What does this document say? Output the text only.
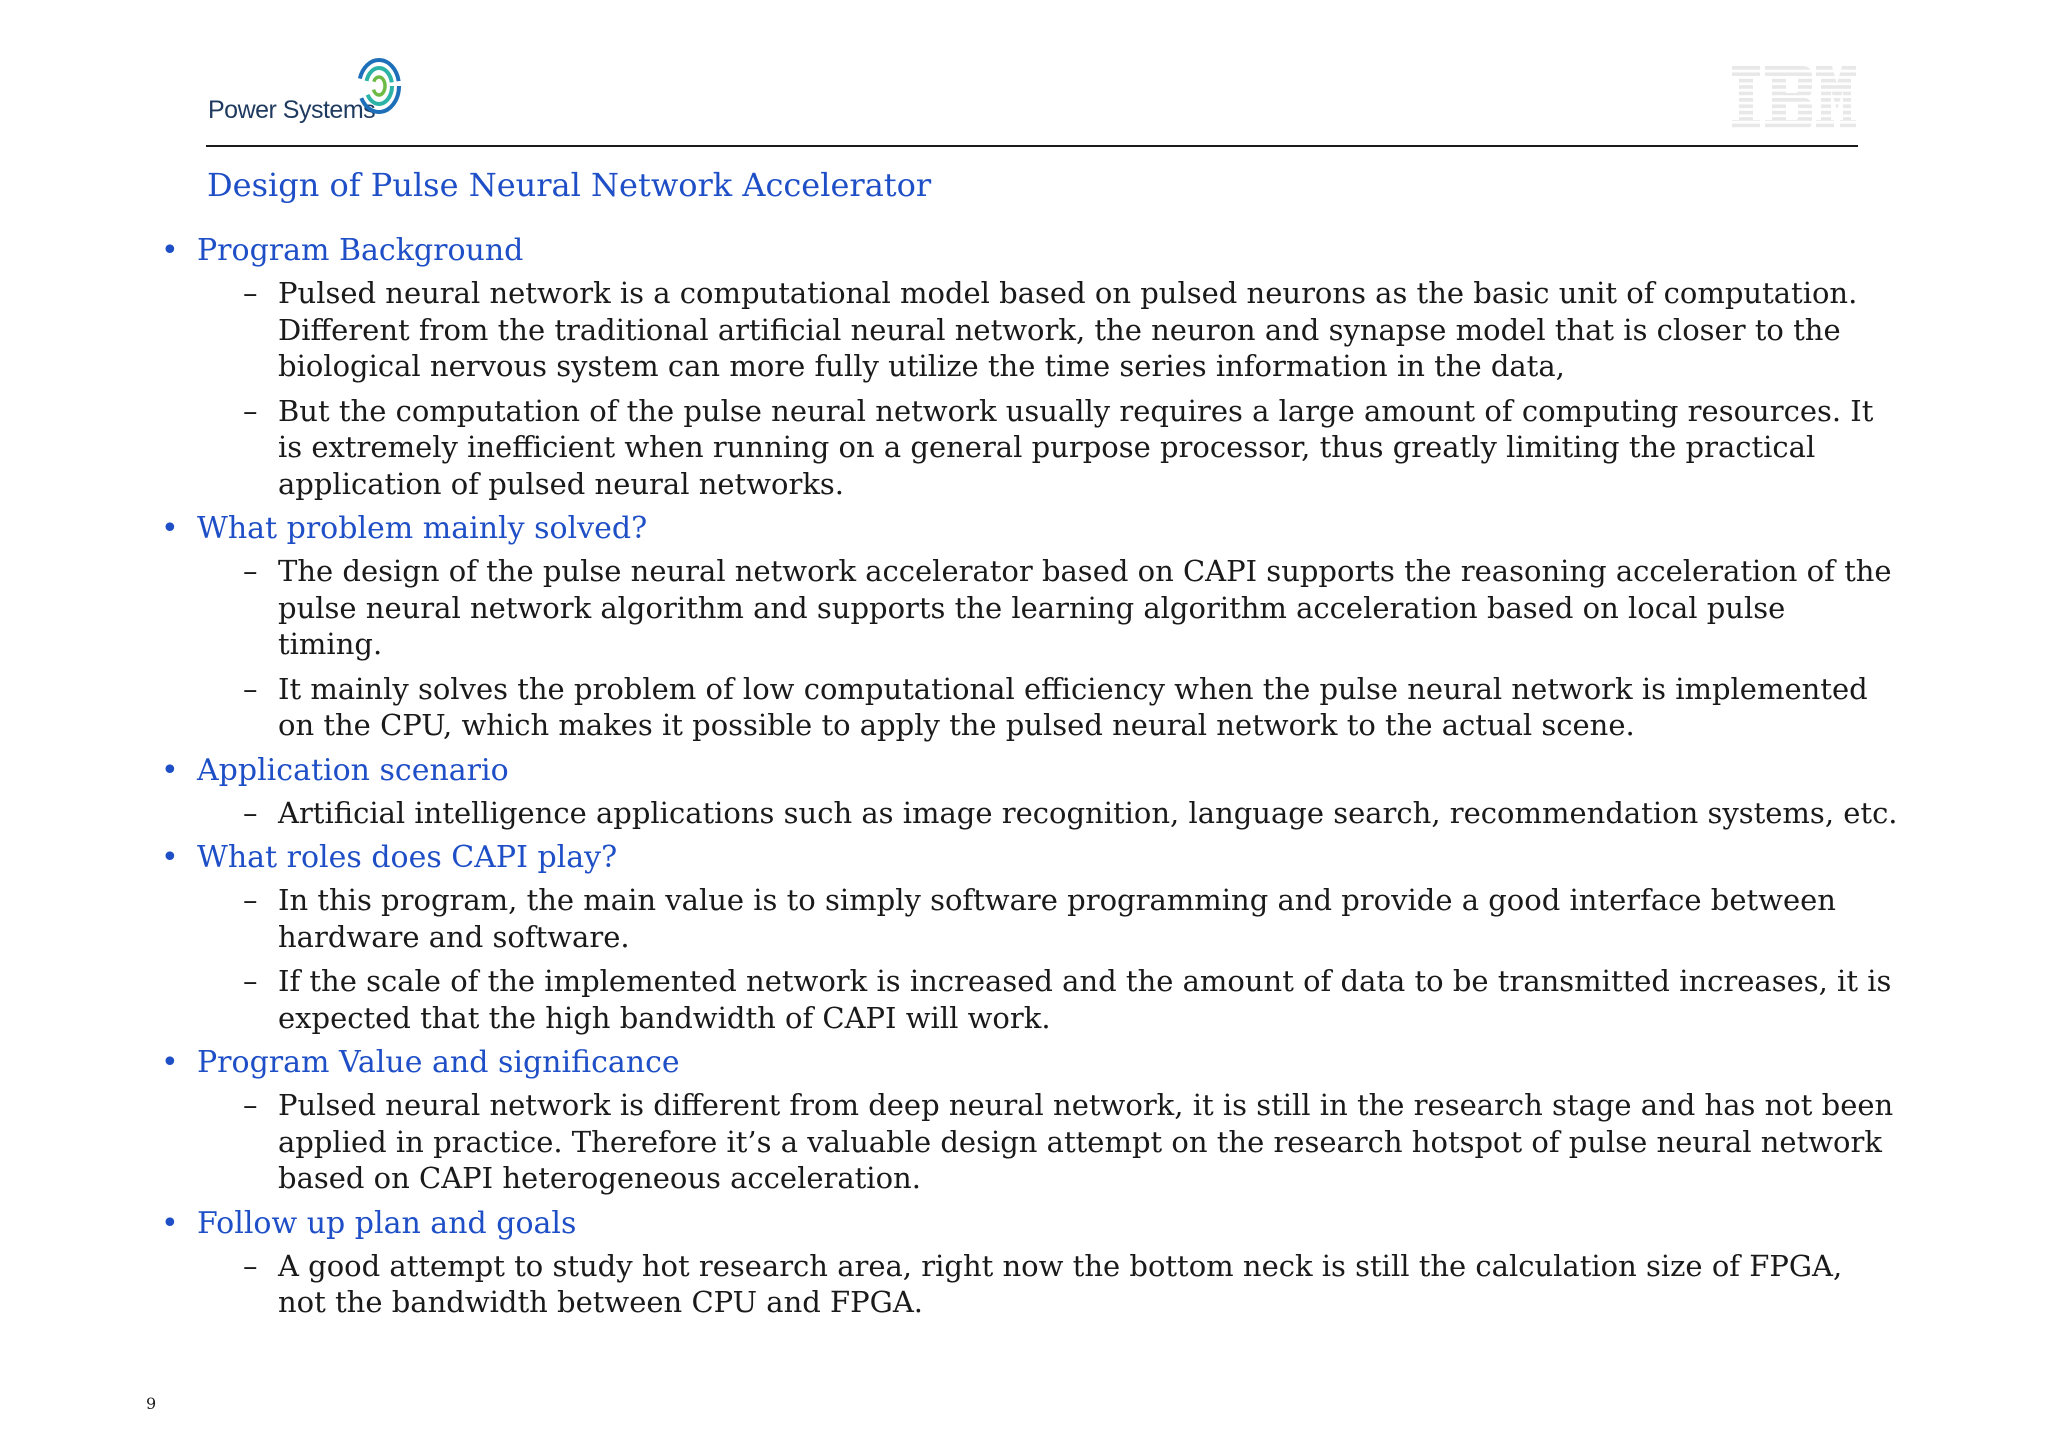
Power Systems
Design of Pulse Neural Network Accelerator
• Program Background
– Pulsed neural network is a computational model based on pulsed neurons as the basic unit of computation. Different from the traditional artificial neural network, the neuron and synapse model that is closer to the biological nervous system can more fully utilize the time series information in the data,
– But the computation of the pulse neural network usually requires a large amount of computing resources. It is extremely inefficient when running on a general purpose processor, thus greatly limiting the practical application of pulsed neural networks.
• What problem mainly solved?
– The design of the pulse neural network accelerator based on CAPI supports the reasoning acceleration of the pulse neural network algorithm and supports the learning algorithm acceleration based on local pulse timing.
– It mainly solves the problem of low computational efficiency when the pulse neural network is implemented on the CPU, which makes it possible to apply the pulsed neural network to the actual scene.
• Application scenario
– Artificial intelligence applications such as image recognition, language search, recommendation systems, etc.
• What roles does CAPI play?
– In this program, the main value is to simply software programming and provide a good interface between hardware and software.
– If the scale of the implemented network is increased and the amount of data to be transmitted increases, it is expected that the high bandwidth of CAPI will work.
• Program Value and significance
– Pulsed neural network is different from deep neural network, it is still in the research stage and has not been applied in practice. Therefore it’s a valuable design attempt on the research hotspot of pulse neural network based on CAPI heterogeneous acceleration.
• Follow up plan and goals
– A good attempt to study hot research area, right now the bottom neck is still the calculation size of FPGA, not the bandwidth between CPU and FPGA.
9
